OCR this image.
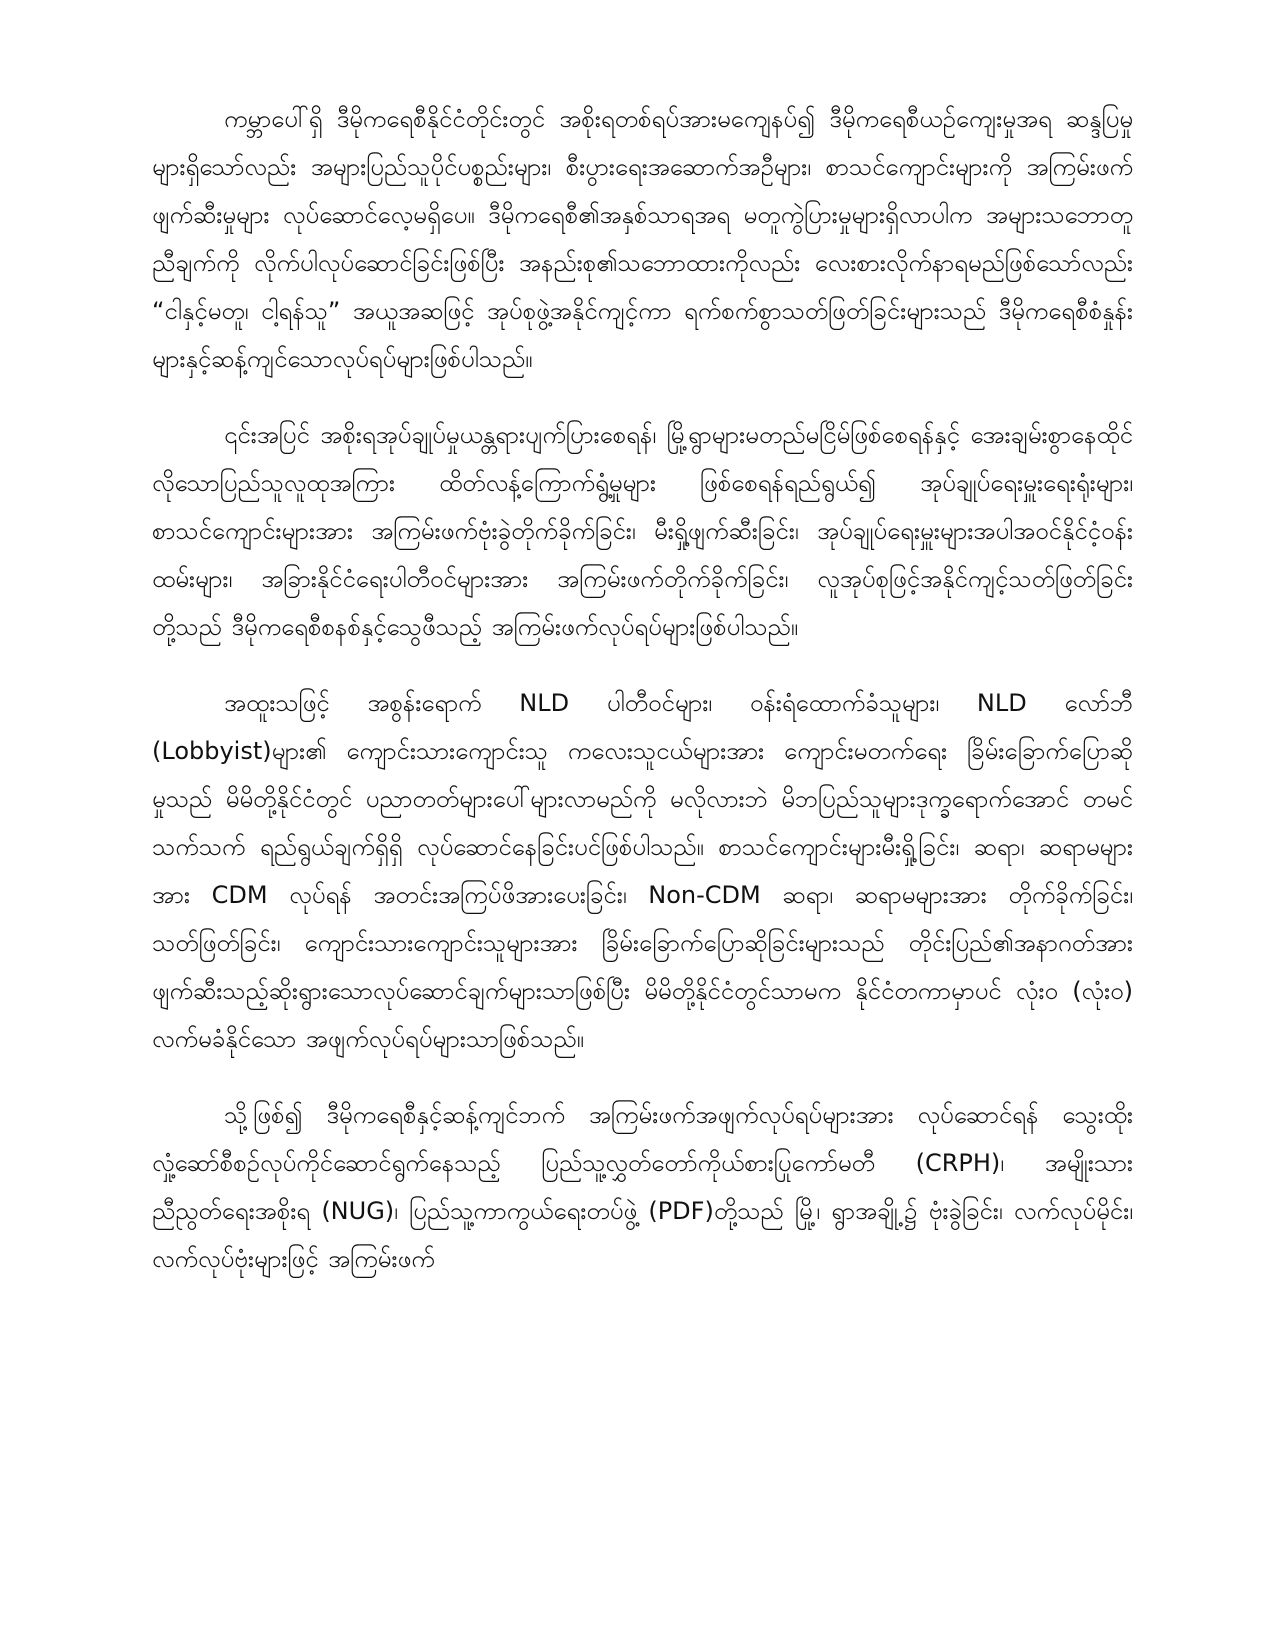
ကမ္ဘာပေါ်ရှိ ဒီမိုကရေစီနိုင်ငံတိုင်းတွင် အစိုးရတစ်ရပ်အားမကျေနပ်၍ ဒီမိုကရေစီယဉ်ကျေးမှုအရ ဆန္ဒပြမှုများရှိသော်လည်း အများပြည်သူပိုင်ပစ္စည်းများ၊ စီးပွားရေးအဆောက်အဦများ၊ စာသင်ကျောင်းများကို အကြမ်းဖက်ဖျက်ဆီးမှုများ လုပ်ဆောင်လေ့မရှိပေ။ ဒီမိုကရေစီ၏အနှစ်သာရအရ မတူကွဲပြားမှုများရှိလာပါက အများသဘောတူညီချက်ကို လိုက်ပါလုပ်ဆောင်ခြင်းဖြစ်ပြီး အနည်းစု၏သဘောထားကိုလည်း လေးစားလိုက်နာရမည်ဖြစ်သော်လည်း “ငါနှင့်မတူ၊ ငါ့ရန်သူ” အယူအဆဖြင့် အုပ်စုဖွဲ့အနိုင်ကျင့်ကာ ရက်စက်စွာသတ်ဖြတ်ခြင်းများသည် ဒီမိုကရေစီစံနှုန်းများနှင့်ဆန့်ကျင်သောလုပ်ရပ်များဖြစ်ပါသည်။

၎င်းအပြင် အစိုးရအုပ်ချုပ်မှုယန္တရားပျက်ပြားစေရန်၊ မြို့ရွာများမတည်မငြိမ်ဖြစ်စေရန်နှင့် အေးချမ်းစွာနေထိုင်လိုသောပြည်သူလူထုအကြား ထိတ်လန့်ကြောက်ရွံ့မှုများ ဖြစ်စေရန်ရည်ရွယ်၍ အုပ်ချုပ်ရေးမှူးရေးရုံးများ၊ စာသင်ကျောင်းများအား အကြမ်းဖက်ဗုံးခွဲတိုက်ခိုက်ခြင်း၊ မီးရှို့ဖျက်ဆီးခြင်း၊ အုပ်ချုပ်ရေးမှူးများအပါအဝင်နိုင်ငံ့ဝန်းထမ်းများ၊ အခြားနိုင်ငံရေးပါတီဝင်များအား အကြမ်းဖက်တိုက်ခိုက်ခြင်း၊ လူအုပ်စုဖြင့်အနိုင်ကျင့်သတ်ဖြတ်ခြင်း တို့သည် ဒီမိုကရေစီစနစ်နှင့်သွေဖီသည့် အကြမ်းဖက်လုပ်ရပ်များဖြစ်ပါသည်။

အထူးသဖြင့် အစွန်းရောက် NLD ပါတီဝင်များ၊ ဝန်းရံထောက်ခံသူများ၊ NLD လော်ဘီ (Lobbyist)များ၏ ကျောင်းသားကျောင်းသူ ကလေးသူငယ်များအား ကျောင်းမတက်ရေး ခြိမ်းခြောက်ပြောဆိုမှုသည် မိမိတို့နိုင်ငံတွင် ပညာတတ်များပေါ်များလာမည်ကို မလိုလားဘဲ မိဘပြည်သူများဒုက္ခရောက်အောင် တမင်သက်သက် ရည်ရွယ်ချက်ရှိရှိ လုပ်ဆောင်နေခြင်းပင်ဖြစ်ပါသည်။ စာသင်ကျောင်းများမီးရှို့ခြင်း၊ ဆရာ၊ ဆရာမများအား CDM လုပ်ရန် အတင်းအကြပ်ဖိအားပေးခြင်း၊ Non-CDM ဆရာ၊ ဆရာမများအား တိုက်ခိုက်ခြင်း၊ သတ်ဖြတ်ခြင်း၊ ကျောင်းသားကျောင်းသူများအား ခြိမ်းခြောက်ပြောဆိုခြင်းများသည် တိုင်းပြည်၏အနာဂတ်အားဖျက်ဆီးသည့်ဆိုးရွားသောလုပ်ဆောင်ချက်များသာဖြစ်ပြီး မိမိတို့နိုင်ငံတွင်သာမက နိုင်ငံတကာမှာပင် လုံးဝ (လုံးဝ) လက်မခံနိုင်သော အဖျက်လုပ်ရပ်များသာဖြစ်သည်။

သို့ဖြစ်၍ ဒီမိုကရေစီနှင့်ဆန့်ကျင်ဘက် အကြမ်းဖက်အဖျက်လုပ်ရပ်များအား လုပ်ဆောင်ရန် သွေးထိုးလှုံ့ဆော်စီစဉ်လုပ်ကိုင်ဆောင်ရွက်နေသည့် ပြည်သူ့လွှတ်တော်ကိုယ်စားပြုကော်မတီ (CRPH)၊ အမျိုးသားညီညွတ်ရေးအစိုးရ (NUG)၊ ပြည်သူ့ကာကွယ်ရေးတပ်ဖွဲ့ (PDF)တို့သည် မြို့၊ ရွာအချို့၌ ဗုံးခွဲခြင်း၊ လက်လုပ်မိုင်း၊ လက်လုပ်ဗုံးများဖြင့် အကြမ်းဖက်
